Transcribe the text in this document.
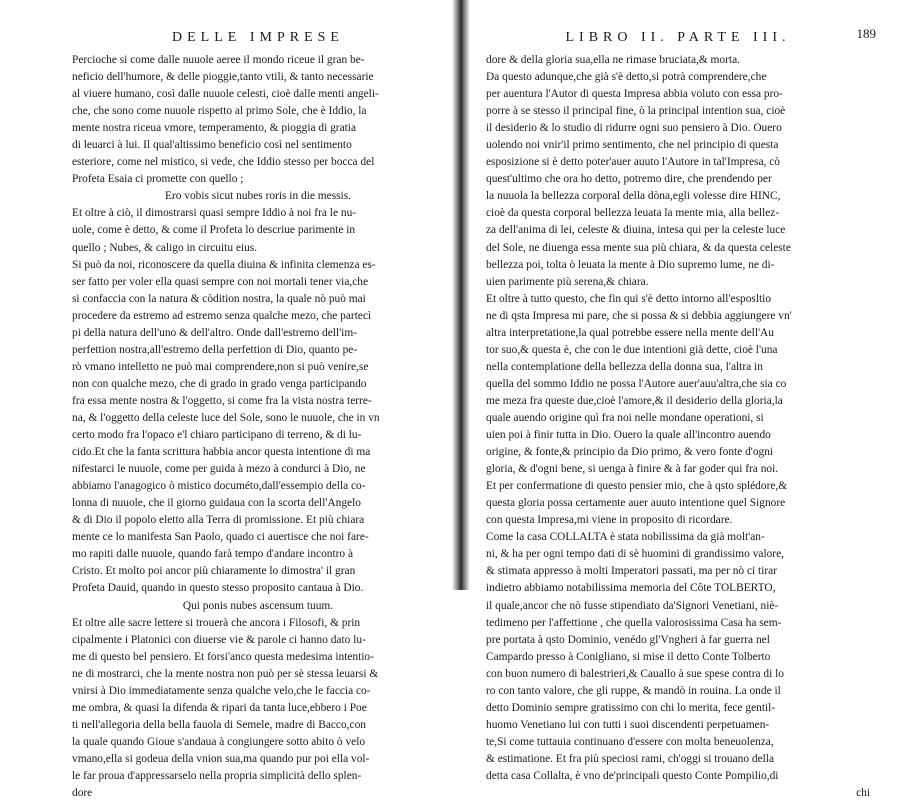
DELLE IMPRESE
Percioche si come dalle nuuole aeree il mondo riceue il gran be-
neficio dell'humore, & delle pioggie,tanto vtili, & tanto necessarie
al viuere humano, così dalle nuuole celesti, cioè dalle menti angeli-
che, che sono come nuuole rispetto al primo Sole, che è Iddio, la
mente nostra riceua vmore, temperamento, & pioggia di gratia
di leuarci à lui. Il qual'altissimo beneficio così nel sentimento
esteriore, come nel mistico, si vede, che Iddio stesso per bocca del
Profeta Esaia ci promette con quello ;
Ero vobis sicut nubes roris in die messis.
Et oltre à ciò, il dimostrarsi quasi sempre Iddio à noi fra le nu-
uole, come è detto, & come il Profeta lo descriue parimente in
quello ; Nubes, & caligo in circuitu eius.
Si può da noi, riconoscere da quella diuina & infinita clemenza es-
ser fatto per voler ella quasi sempre con noi mortali tener via,che
si confaccia con la natura & còdition nostra, la quale nò può mai
procedere da estremo ad estremo senza qualche mezo, che partecì
pi della natura dell'uno & dell'altro. Onde dall'estremo dell'im-
perfettion nostra,all'estremo della perfettion di Dio, quanto pe-
rò vmano intelletto ne può mai comprendere,non si può venire,se
non con qualche mezo, che di grado in grado venga participando
fra essa mente nostra & l'oggetto, si come fra la vista nostra terre-
na, & l'oggetto della celeste luce del Sole, sono le nuuole, che in vn
certo modo fra l'opaco e'l chiaro participano di terreno, & di lu-
cido.Et che la fanta scrittura habbia ancor questa intentione di ma
nifestarci le nuuole, come per guida à mezo à condurci à Dio, ne
abbiamo l'anagogico ò mistico documéto,dall'essempio della co-
lonna di nuuole, che il giorno guidaua con la scorta dell'Angelo
& di Dio il popolo eletto alla Terra di promissione. Et più chiara
mente ce lo manifesta San Paolo, quado ci auertisce che noi fare-
mo rapiti dalle nuuole, quando farà tempo d'andare incontro à
Cristo. Et molto poi ancor più chiaramente lo dimostra' il gran
Profeta Dauid, quando in questo stesso proposito cantaua à Dio.
Qui ponis nubes ascensum tuum.
Et oltre alle sacre lettere si trouerà che ancora i Filosofi, & prin
cipalmente i Platonici con diuerse vie & parole ci hanno dato lu-
me di questo bel pensiero. Et forsi'anco questa medesima intentio-
ne di mostrarci, che la mente nostra non può per sè stessa leuarsi &
vnirsi à Dio immediatamente senza qualche velo,che le faccia co-
me ombra, & quasi la difenda & ripari da tanta luce,ebbero i Poe
ti nell'allegoria della bella fauola di Semele, madre di Bacco,con
la quale quando Gioue s'andaua à congiungere sotto abito ò velo
vmano,ella si godeua della vnion sua,ma quando pur poi ella vol-
le far proua d'appressarselo nella propria simplicità dello splen-
dore
LIBRO II. PARTE III.	189
dore & della gloria sua,ella ne rimase bruciata,& morta.
Da questo adunque,che già s'è detto,si potrà comprendere,che
per auentura l'Autor di questa Impresa abbia voluto con essa pro-
porre à se stesso il principal fine, ò la principal intention sua, cioè
il desiderio & lo studio di ridurre ogni suo pensiero à Dio. Ouero
uolendo noi vnir'il primo sentimento, che nel principio di questa
esposizione si è detto poter'auer auuto l'Autore in tal'Impresa, cò
quest'ultimo che ora ho detto, potremo dire, che prendendo per
la nuuola la bellezza corporal della dòna,egli volesse dire HINC,
cioè da questa corporal bellezza leuata la mente mia, alla bellez-
za dell'anima di lei, celeste & diuina, intesa qui per la celeste luce
del Sole, ne diuenga essa mente sua più chiara, & da questa celeste
bellezza poi, tolta ò leuata la mente à Dio supremo lume, ne di-
uien parimente più serena,& chiara.
Et oltre à tutto questo, che fin qui s'è detto intorno all'esposltio
ne di qsta Impresa mi pare, che si possa & si debbia aggiungere vn'
altra interpretatione,la qual potrebbe essere nella mente dell'Au
tor suo,& questa è, che con le due intentioni già dette, cioè l'una
nella contemplatione della bellezza della donna sua, l'altra in
quella del sommo Iddio ne possa l'Autore auer'auu'altra,che sia co
me meza fra queste due,cioè l'amore,& il desiderio della gloria,la
quale auendo origine quì fra noi nelle mondane operationi, si
uien poi à finir tutta in Dio. Ouero la quale all'incontro auendo
origine, & fonte,& principio da Dio primo, & vero fonte d'ogni
gloria, & d'ogni bene, si uenga à finire & à far goder qui fra noi.
Et per confermatione di questo pensier mio, che à qsto splédore,&
questa gloria possa certamente auer auuto intentione quel Signore
con questa Impresa,mi viene in proposito di ricordare.
Come la casa COLLALTA è stata nobilissima da già molt'an-
ni, & ha per ogni tempo dati di sè huomini di grandissimo valore,
& stimata appresso à molti Imperatori passati, ma per nò ci tirar
indietro abbiamo notabilissima memoria del Côte TOLBERTO,
il quale,ancor che nò fusse stipendiato da'Signori Venetiani, niè-
tedimeno per l'affettione , che quella valorosissima Casa ha sem-
pre portata à qsto Dominio, venédo gl'Vngheri à far guerra nel
Campardo presso à Conigliano, si mise il detto Conte Tolberto
con buon numero di balestrieri,& Cauallo à sue spese contra di lo
ro con tanto valore, che gli ruppe, & mandò in rouina. La onde il
detto Dominio sempre gratissimo con chi lo merita, fece gentil-
huomo Venetiano lui con tutti i suoi discendenti perpetuamen-
te,Si come tuttauia continuano d'essere con molta beneuolenza,
& estimatione. Et fra più speciosi rami, ch'oggi si trouano della
detta casa Collalta, è vno de'principali questo Conte Pompilio,di
chi
